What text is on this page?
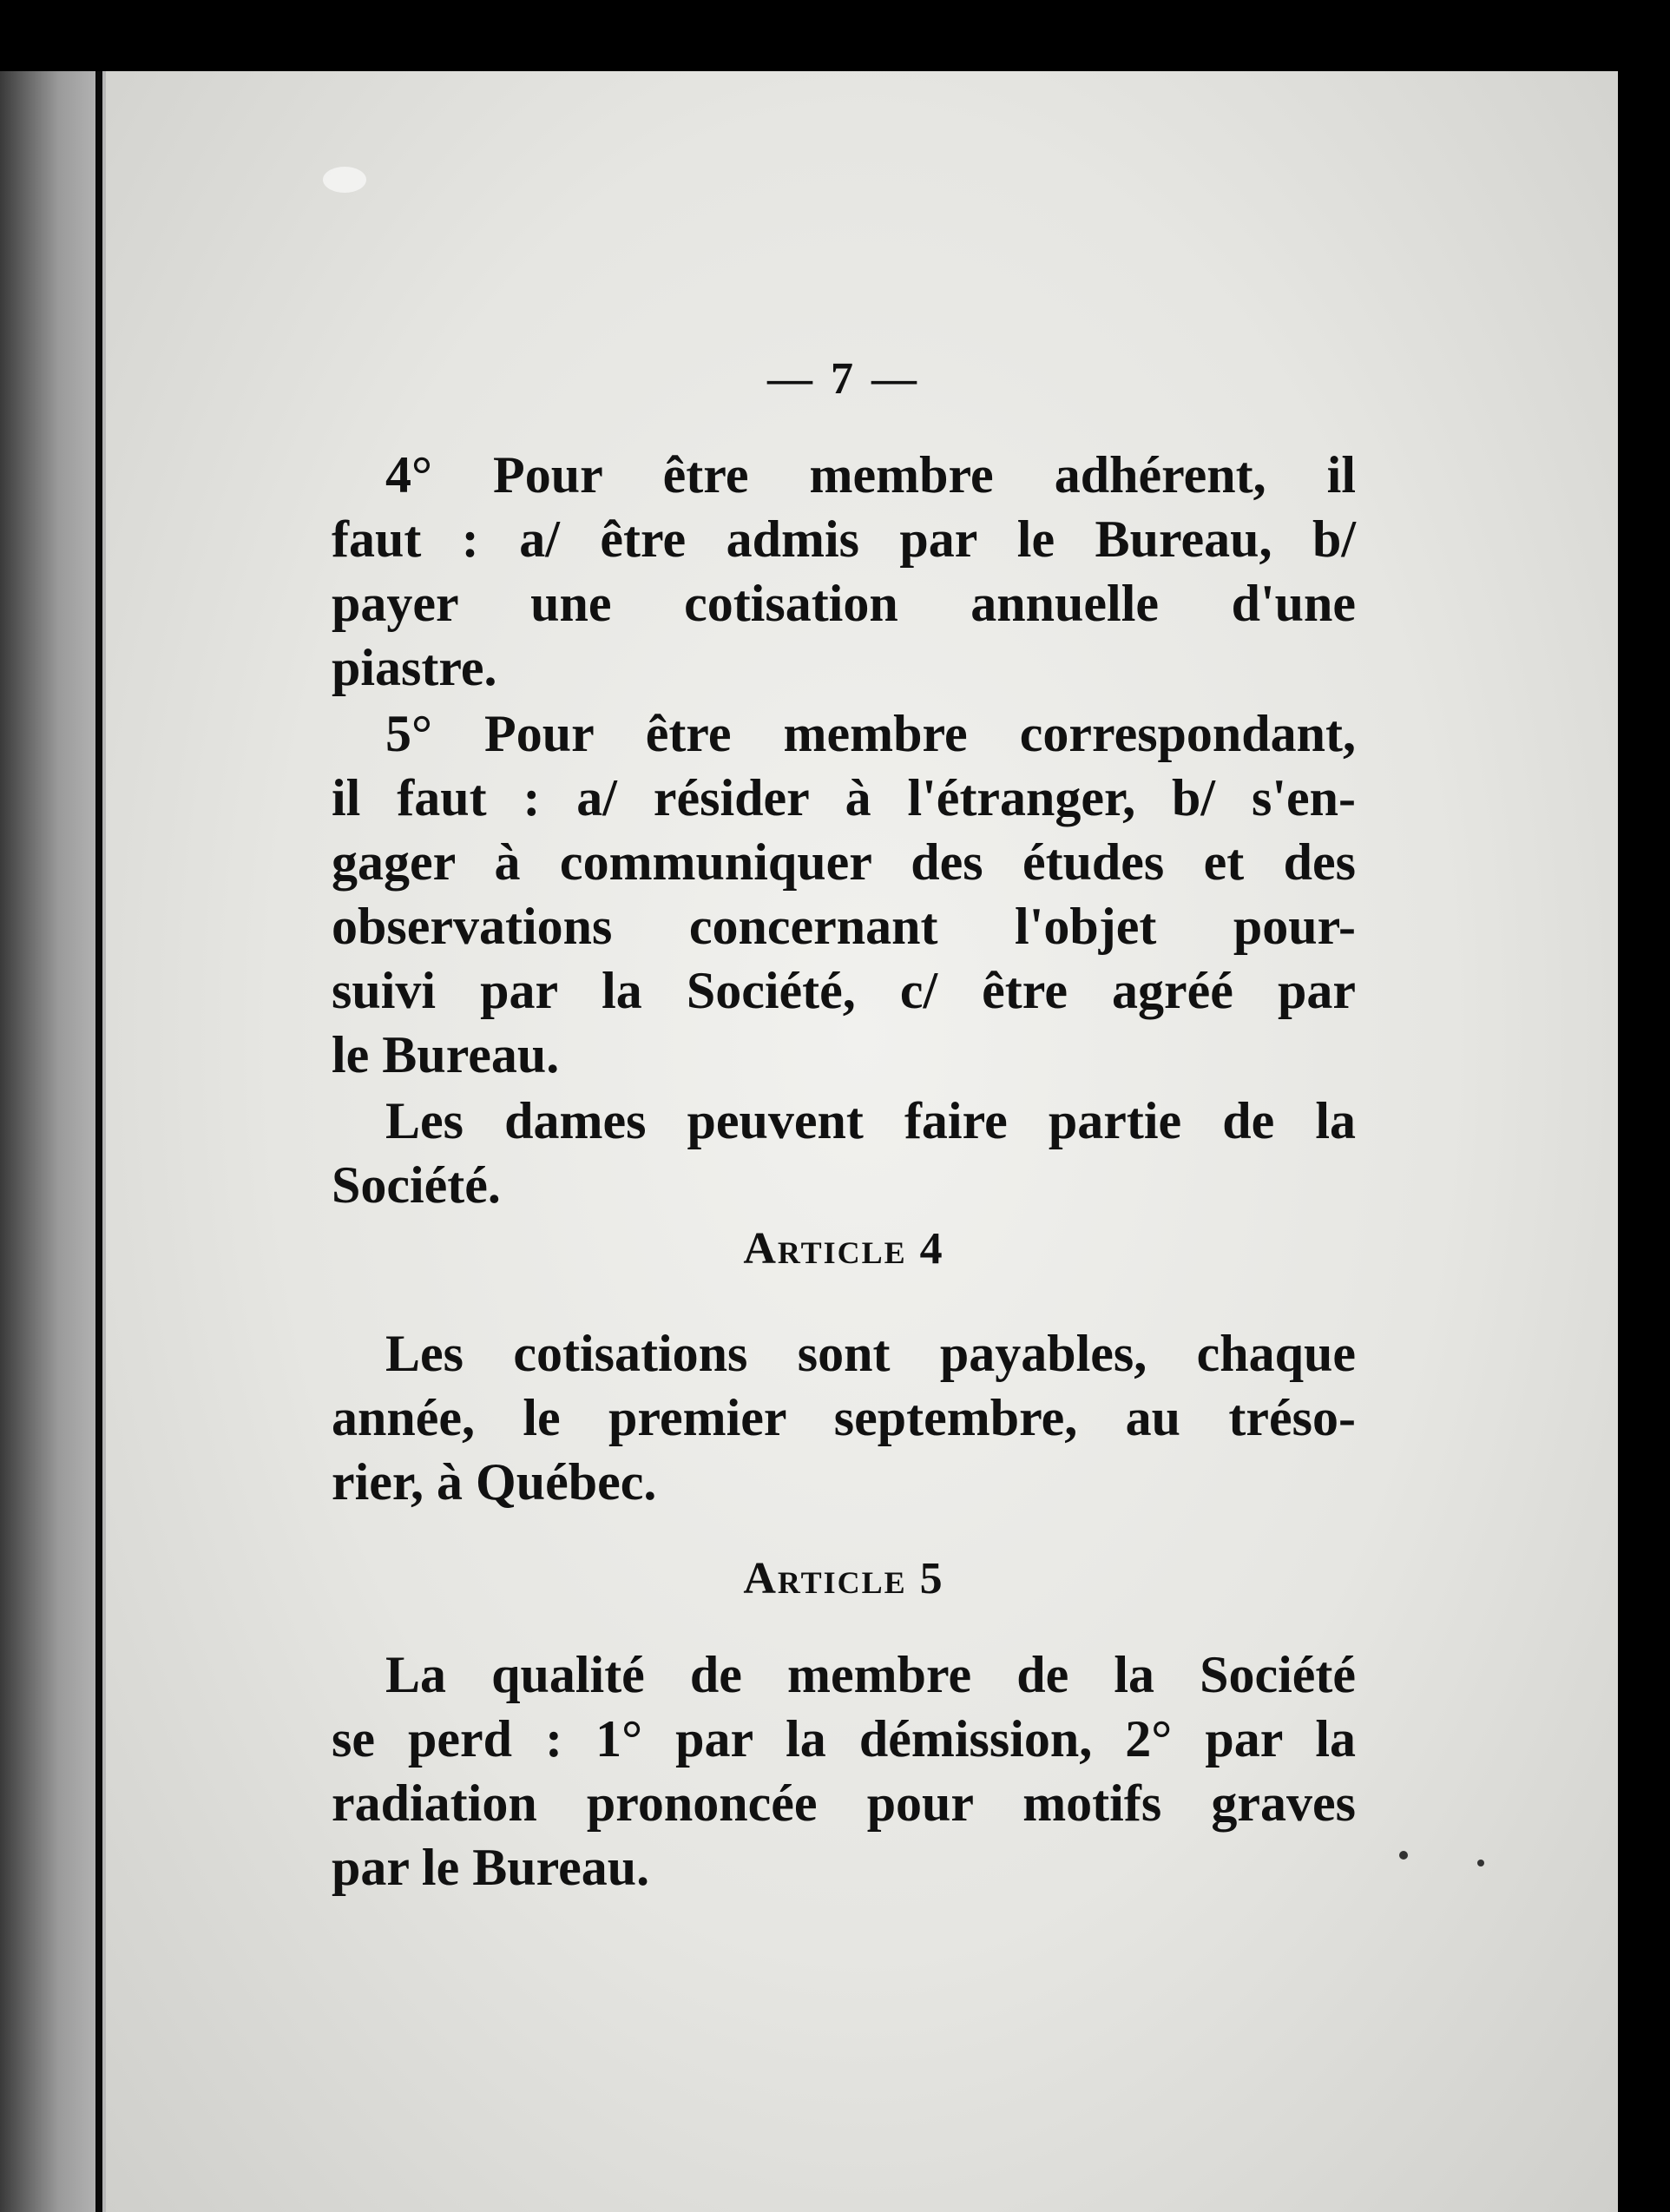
— 7 —
4° Pour être membre adhérent, il
faut : a/ être admis par le Bureau, b/
payer une cotisation annuelle d'une
piastre.
5° Pour être membre correspondant,
il faut : a/ résider à l'étranger, b/ s'en-
gager à communiquer des études et des
observations concernant l'objet pour-
suivi par la Société, c/ être agréé par
le Bureau.
Les dames peuvent faire partie de la
Société.
Article 4
Les cotisations sont payables, chaque
année, le premier septembre, au tréso-
rier, à Québec.
Article 5
La qualité de membre de la Société
se perd : 1° par la démission, 2° par la
radiation prononcée pour motifs graves
par le Bureau.
